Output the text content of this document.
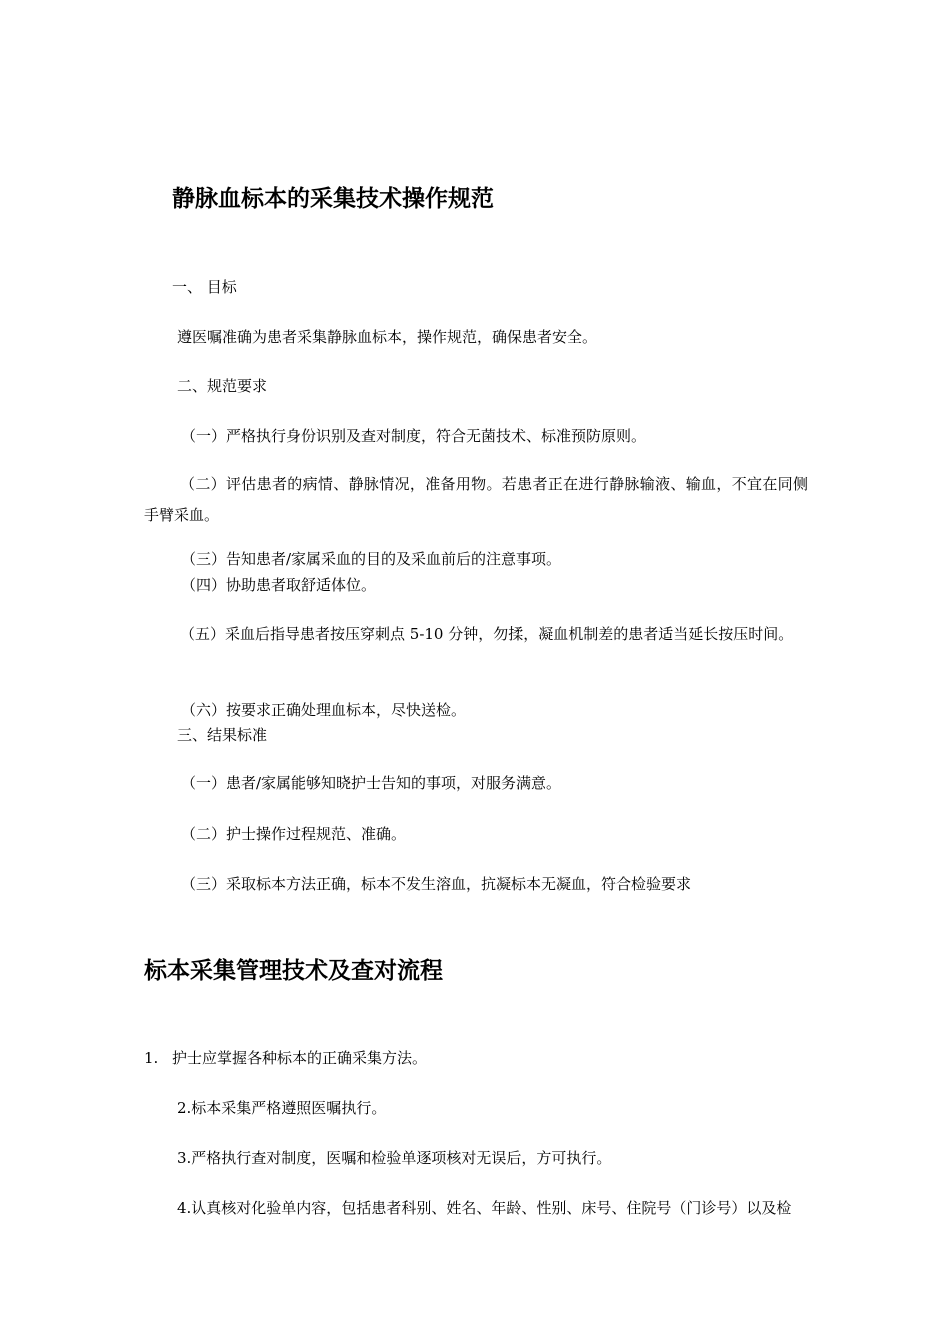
静脉血标本的采集技术操作规范
一、 目标
遵医嘱准确为患者采集静脉血标本，操作规范，确保患者安全。
二、规范要求
（一）严格执行身份识别及查对制度，符合无菌技术、标准预防原则。
（二）评估患者的病情、静脉情况，准备用物。若患者正在进行静脉输液、输血，不宜在同侧手臂采血。
（三）告知患者/家属采血的目的及采血前后的注意事项。
（四）协助患者取舒适体位。
（五）采血后指导患者按压穿刺点 5-10 分钟，勿揉，凝血机制差的患者适当延长按压时间。
（六）按要求正确处理血标本，尽快送检。
三、结果标准
（一）患者/家属能够知晓护士告知的事项，对服务满意。
（二）护士操作过程规范、准确。
（三）采取标本方法正确，标本不发生溶血，抗凝标本无凝血，符合检验要求
标本采集管理技术及查对流程
1. 护士应掌握各种标本的正确采集方法。
2.标本采集严格遵照医嘱执行。
3.严格执行查对制度，医嘱和检验单逐项核对无误后，方可执行。
4.认真核对化验单内容，包括患者科别、姓名、年龄、性别、床号、住院号（门诊号）以及检
